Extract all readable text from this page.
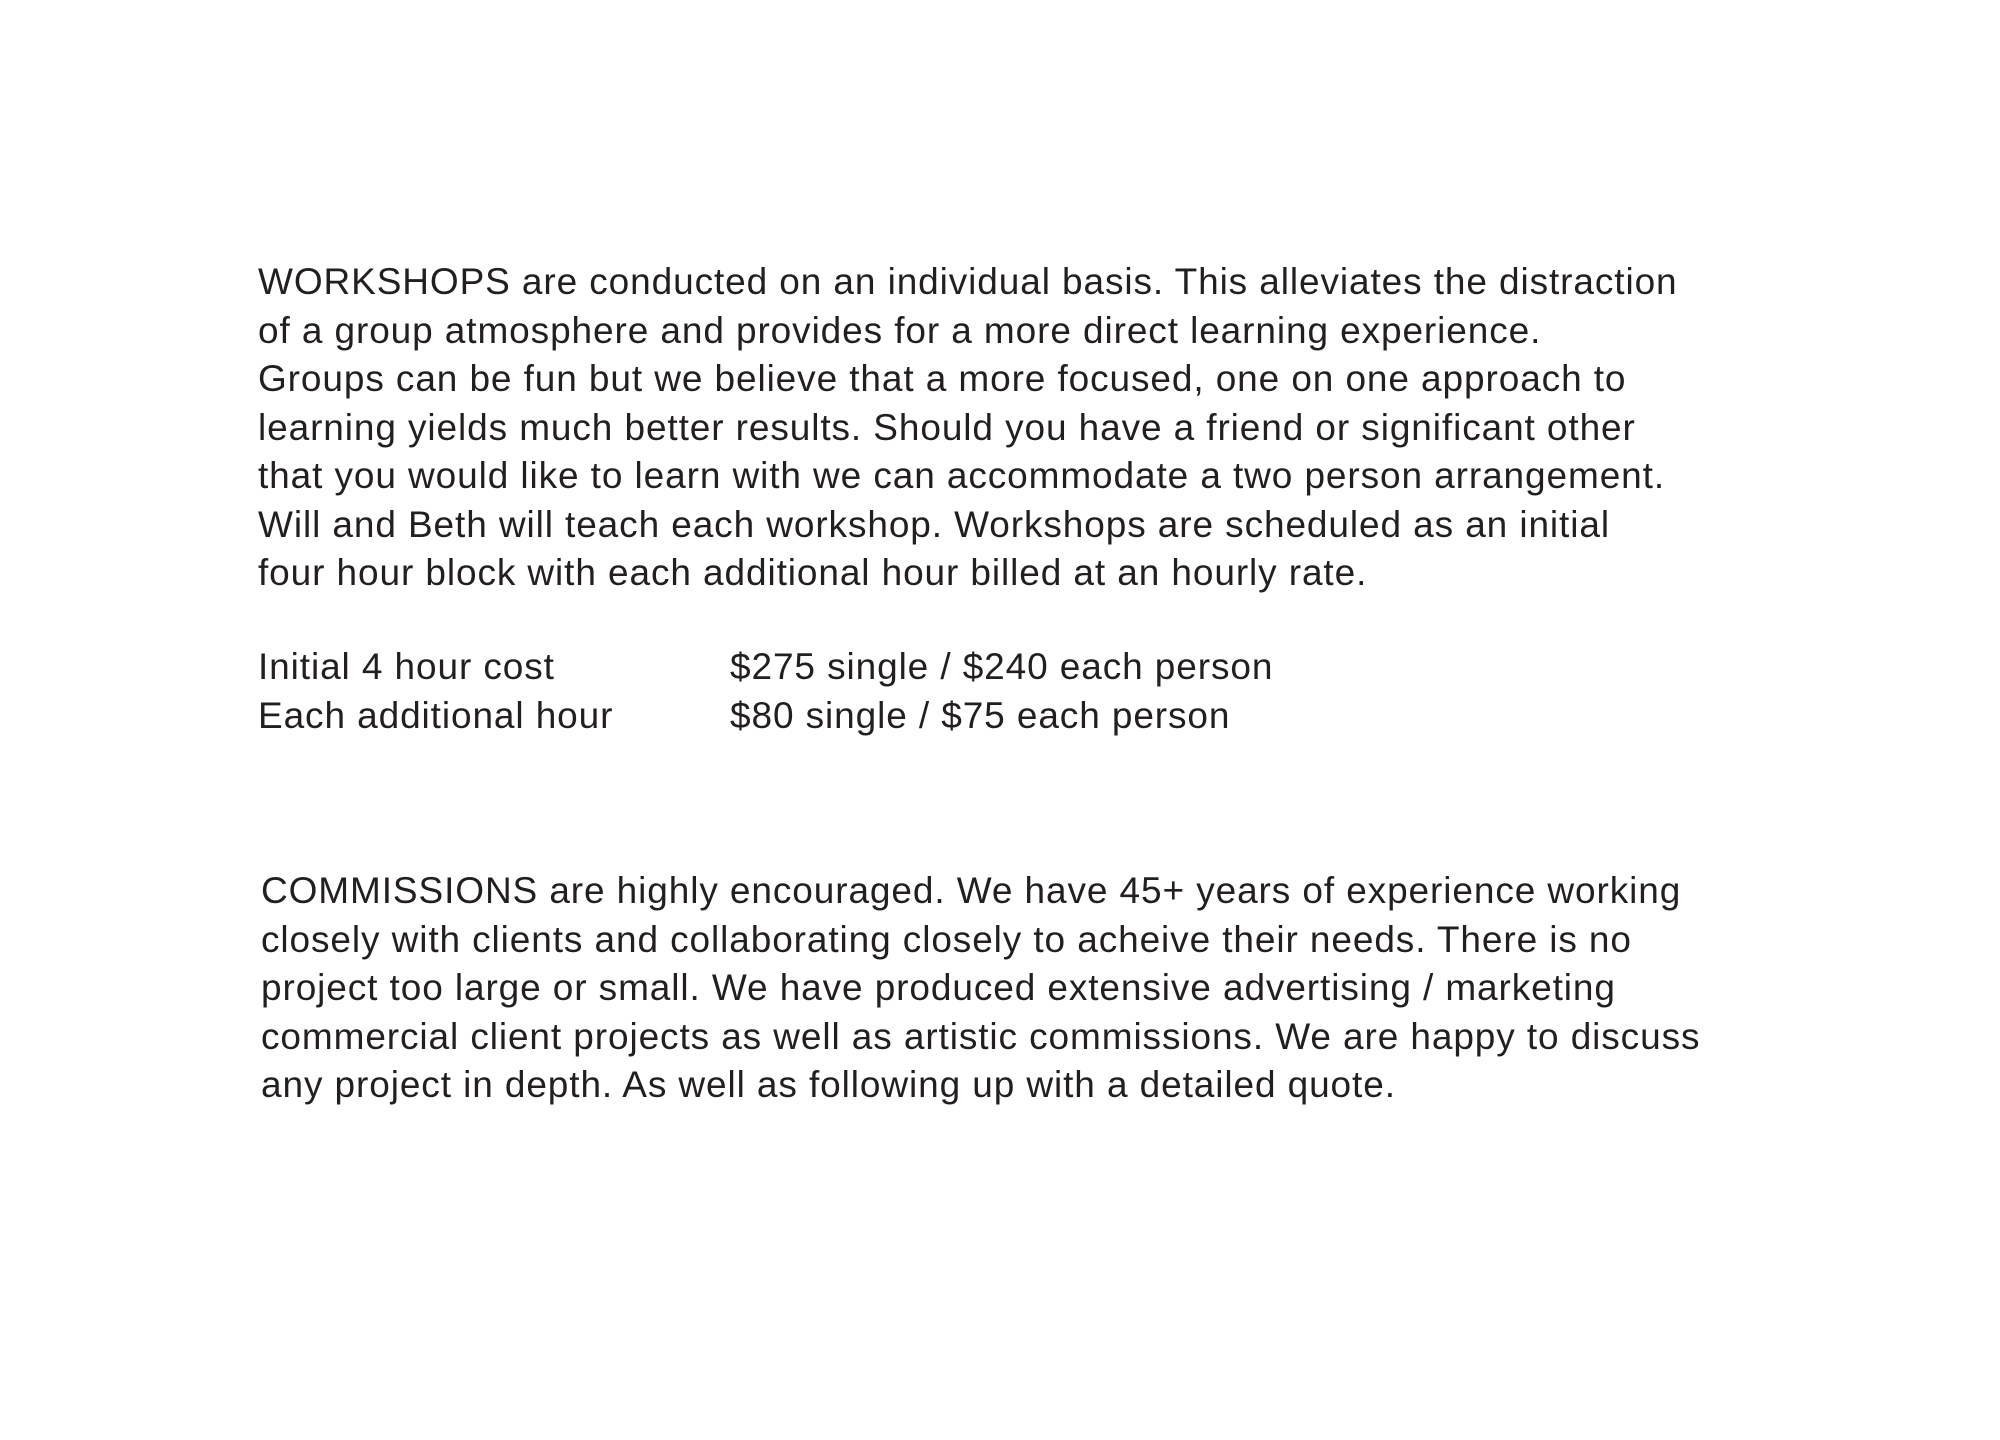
WORKSHOPS are conducted on an individual basis. This alleviates the distraction
of a group atmosphere and provides for a more direct learning experience.
Groups can be fun but we believe that a more focused, one on one approach to
learning yields much better results. Should you have a friend or significant other
that you would like to learn with we can accommodate a two person arrangement.
Will and Beth will teach each workshop. Workshops are scheduled as an initial
four hour block with each additional hour billed at an hourly rate.
Initial 4 hour cost	$275 single / $240 each person
Each additional hour	$80 single / $75 each person
COMMISSIONS are highly encouraged. We have 45+ years of experience working
closely with clients and collaborating closely to acheive their needs. There is no
project too large or small. We have produced extensive advertising / marketing
commercial client projects as well as artistic commissions. We are happy to discuss
any project in depth. As well as following up with a detailed quote.
